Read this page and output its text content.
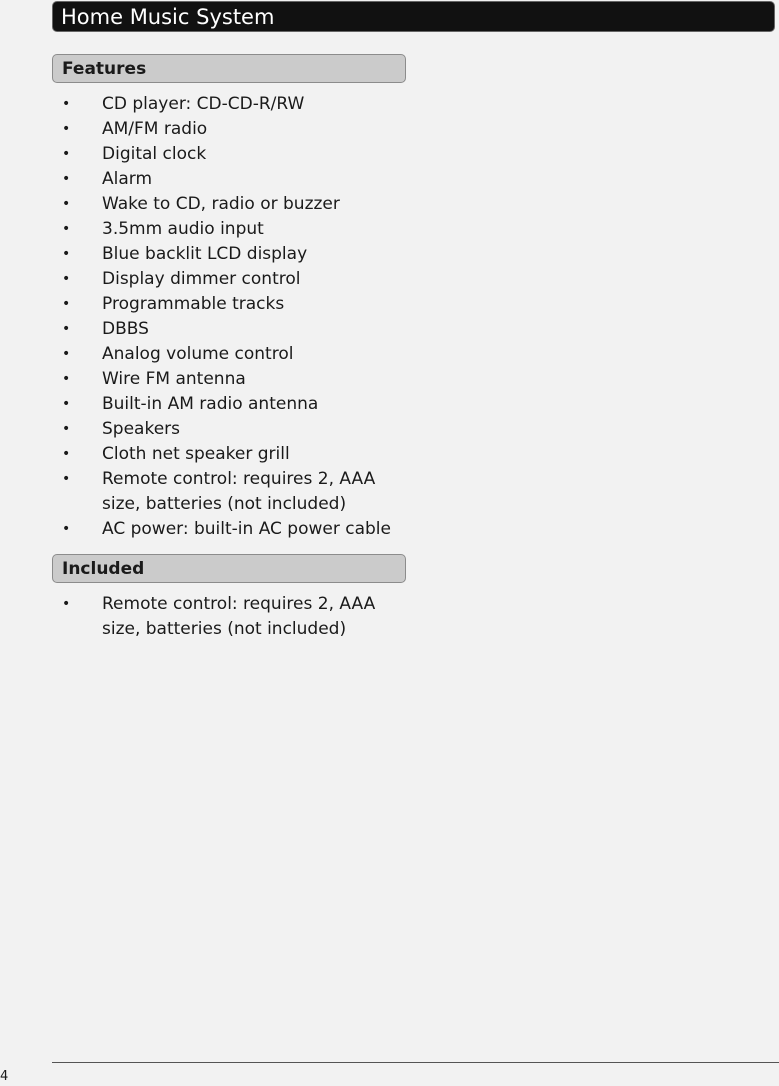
Home Music System
Features
• CD player: CD-CD-R/RW
• AM/FM radio
• Digital clock
• Alarm
• Wake to CD, radio or buzzer
• 3.5mm audio input
• Blue backlit LCD display
• Display dimmer control
• Programmable tracks
• DBBS
• Analog volume control
• Wire FM antenna
• Built-in AM radio antenna
• Speakers
• Cloth net speaker grill
• Remote control: requires 2, AAA size, batteries (not included)
• AC power: built-in AC power cable
Included
• Remote control: requires 2, AAA size, batteries (not included)
4
